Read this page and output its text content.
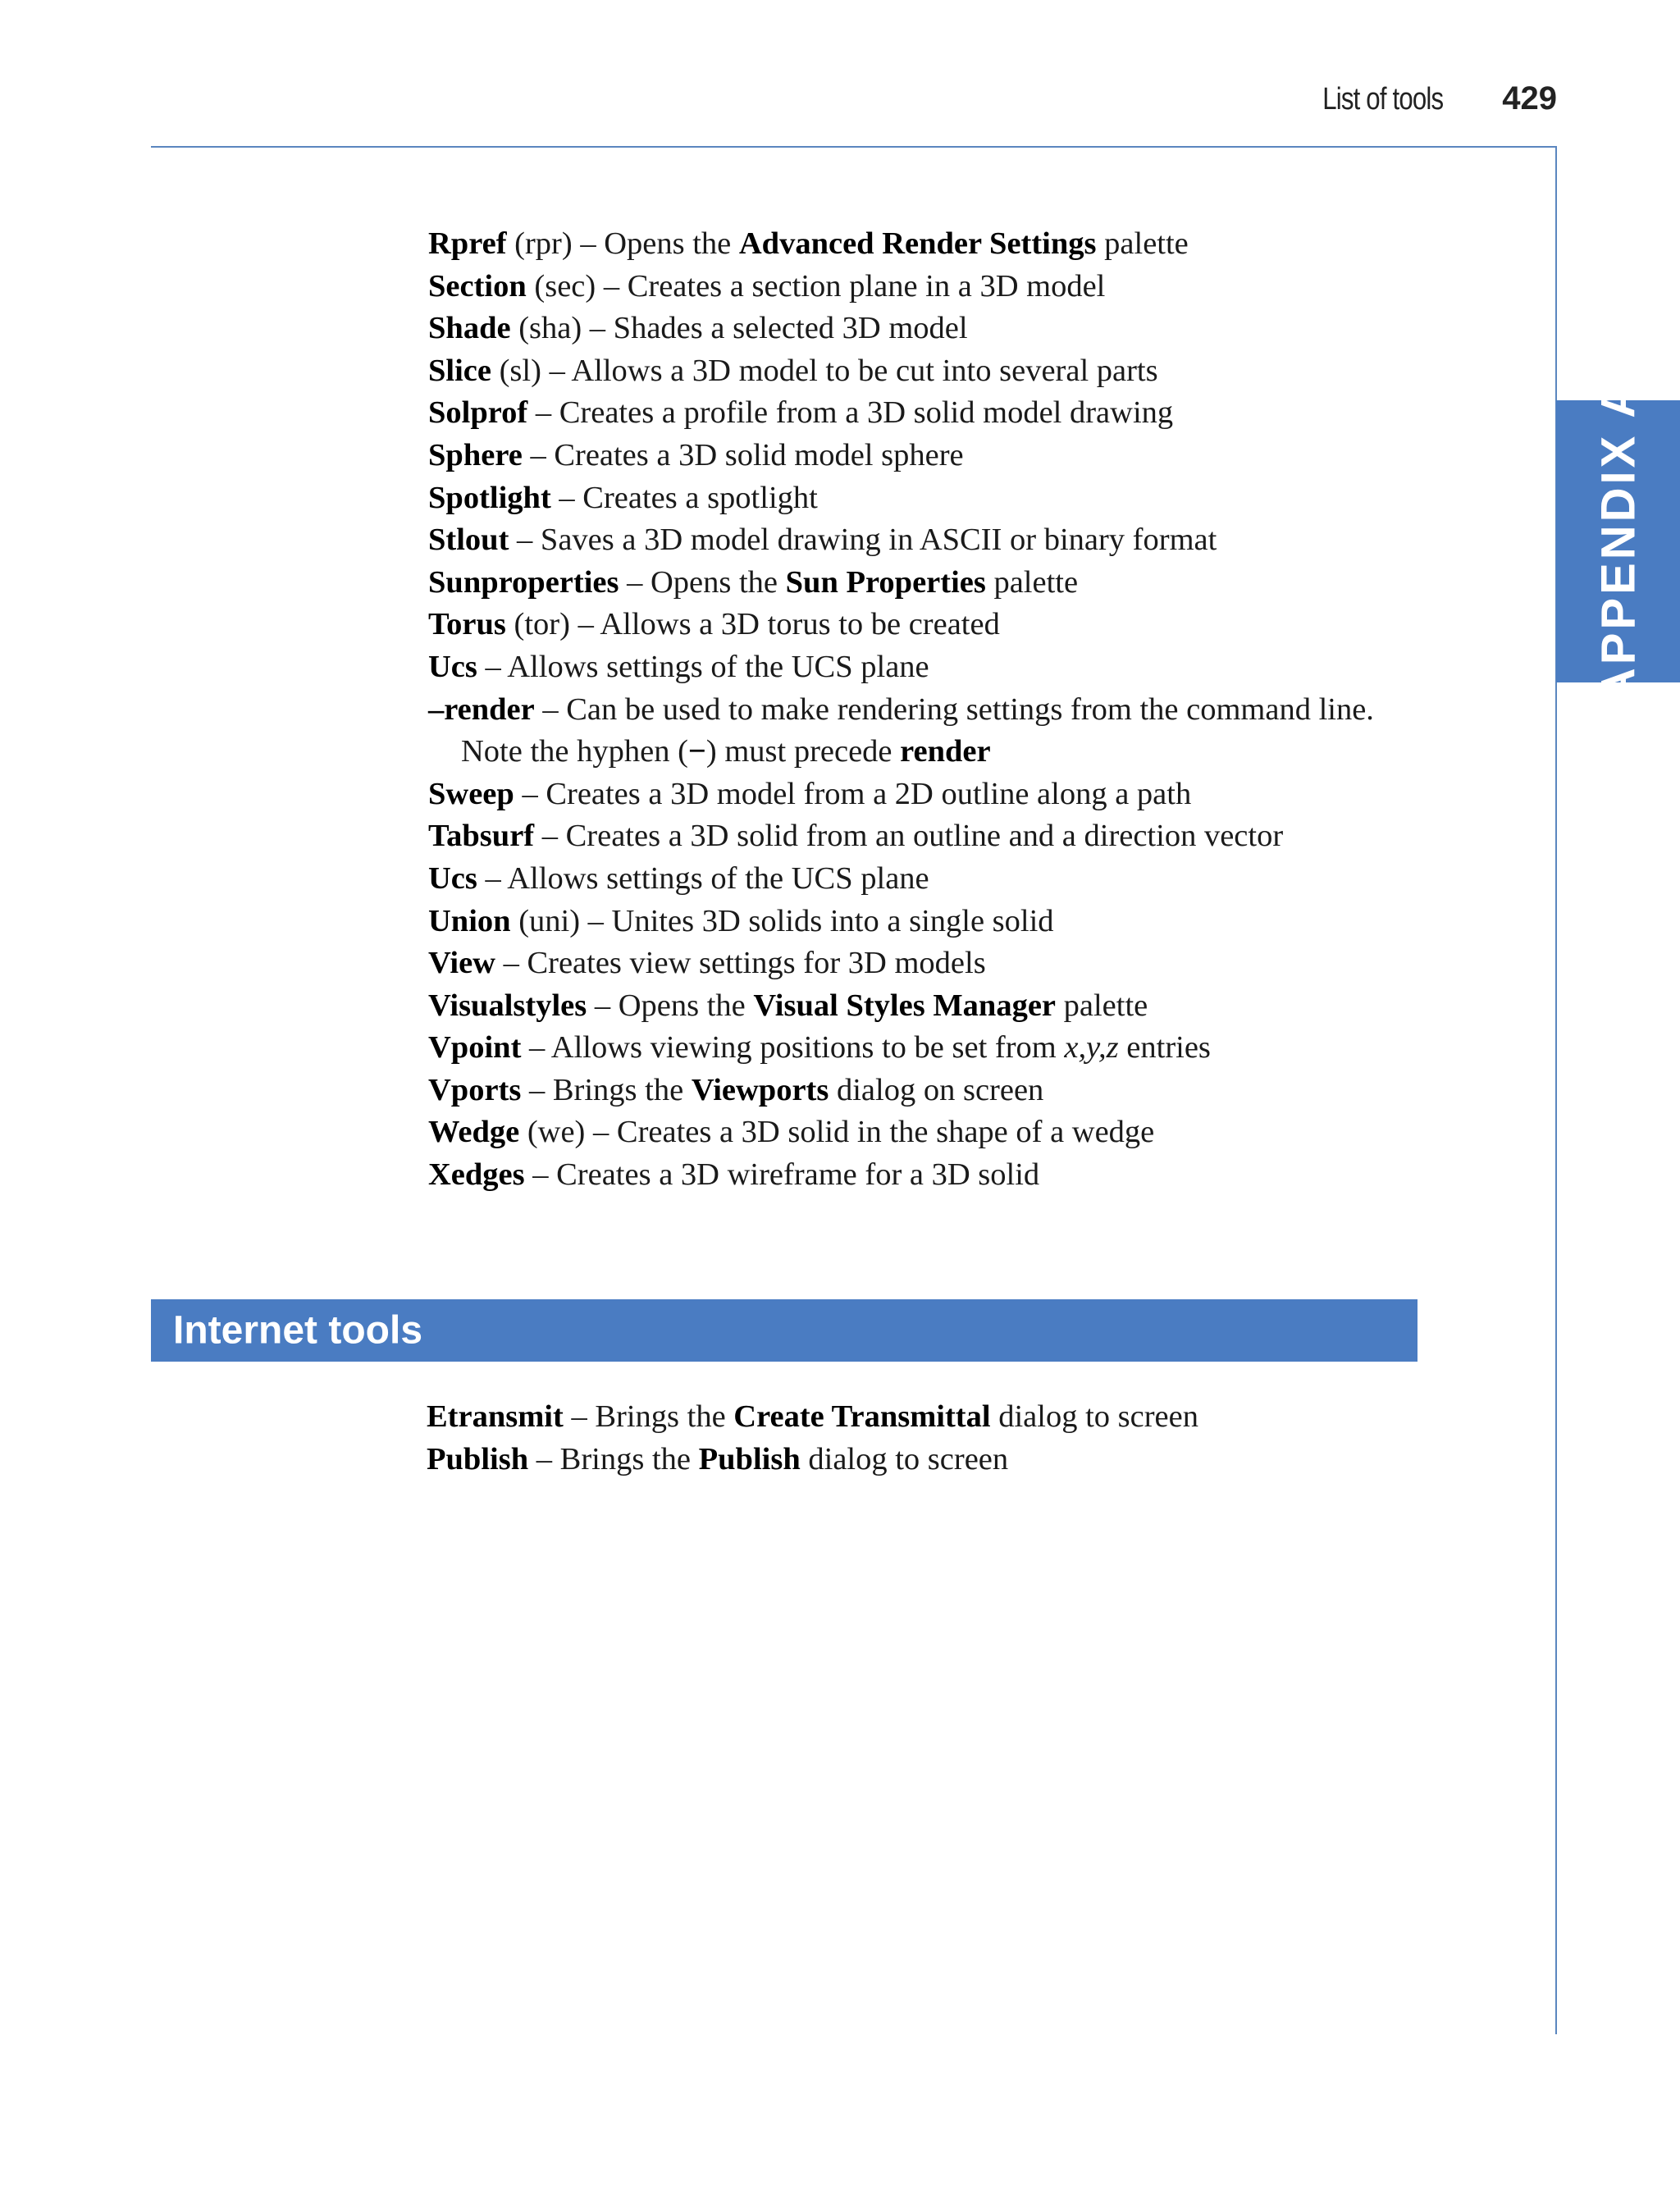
List of tools 429
APPENDIX A
Rpref (rpr) – Opens the Advanced Render Settings palette
Section (sec) – Creates a section plane in a 3D model
Shade (sha) – Shades a selected 3D model
Slice (sl) – Allows a 3D model to be cut into several parts
Solprof – Creates a profile from a 3D solid model drawing
Sphere – Creates a 3D solid model sphere
Spotlight – Creates a spotlight
Stlout – Saves a 3D model drawing in ASCII or binary format
Sunproperties – Opens the Sun Properties palette
Torus (tor) – Allows a 3D torus to be created
Ucs – Allows settings of the UCS plane
–render – Can be used to make rendering settings from the command line.
Note the hyphen (−) must precede render
Sweep – Creates a 3D model from a 2D outline along a path
Tabsurf – Creates a 3D solid from an outline and a direction vector
Ucs – Allows settings of the UCS plane
Union (uni) – Unites 3D solids into a single solid
View – Creates view settings for 3D models
Visualstyles – Opens the Visual Styles Manager palette
Vpoint – Allows viewing positions to be set from x,y,z entries
Vports – Brings the Viewports dialog on screen
Wedge (we) – Creates a 3D solid in the shape of a wedge
Xedges – Creates a 3D wireframe for a 3D solid
Internet tools
Etransmit – Brings the Create Transmittal dialog to screen
Publish – Brings the Publish dialog to screen
